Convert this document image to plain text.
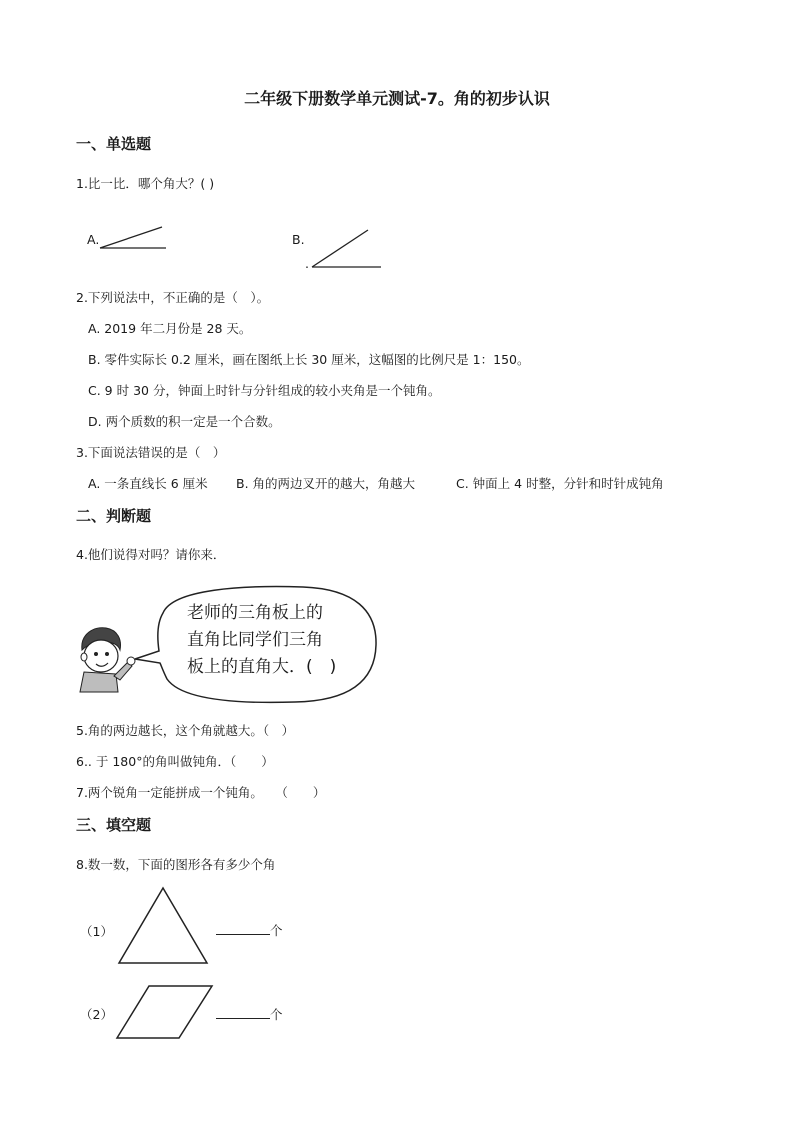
二年级下册数学单元测试-7。角的初步认识
一、单选题
1.比一比．哪个角大？( )
A.	B.
.
2.下列说法中，不正确的是（　）。
A. 2019 年二月份是 28 天。
B. 零件实际长 0.2 厘米，画在图纸上长 30 厘米，这幅图的比例尺是 1：150。
C. 9 时 30 分，钟面上时针与分针组成的较小夹角是一个钝角。
D. 两个质数的积一定是一个合数。
3.下面说法错误的是（　）
A. 一条直线长 6 厘米 B. 角的两边叉开的越大，角越大	C. 钟面上 4 时整，分针和时针成钝角
二、判断题
4.他们说得对吗？请你来．
老师的三角板上的
直角比同学们三角
板上的直角大．(　)
5.角的两边越长，这个角就越大。（　）
6.. 于 180°的角叫做钝角．（　　）
7.两个锐角一定能拼成一个钝角。　　（　　）
三、填空题
8.数一数，下面的图形各有多少个角
（1）	个
（2）	个
